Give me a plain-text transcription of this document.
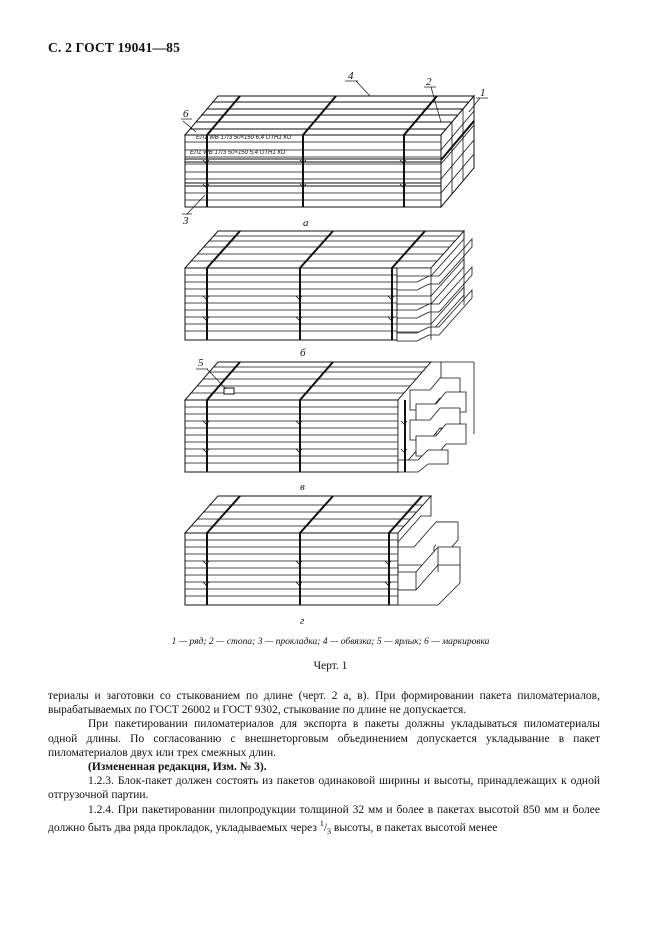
С. 2 ГОСТ 19041—85
ЕЛ1 WB 17/3 50×150 6,4 ОТН1 КU
ЕЛ1 WB 17/3 50×150 5,4 ОТН1 КU
а
б
в
г
6
4	2
1
3
5
1 — ряд; 2 — стопа; 3 — прокладка; 4 — обвязка; 5 — ярлык; 6 — маркировка
Черт. 1

териалы и заготовки со стыкованием по длине (черт. 2 а, в). При формировании пакета пиломатериалов, вырабатываемых по ГОСТ 26002 и ГОСТ 9302, стыкование по длине не допускается.

При пакетировании пиломатериалов для экспорта в пакеты должны укладываться пиломатериалы одной длины. По согласованию с внешнеторговым объединением допускается укладывание в пакет пиломатериалов двух или трех смежных длин.

(Измененная редакция, Изм. № 3).

1.2.3. Блок-пакет должен состоять из пакетов одинаковой ширины и высоты, принадлежащих к одной отгрузочной партии.

1.2.4. При пакетировании пилопродукции толщиной 32 мм и более в пакетах высотой 850 мм и более должно быть два ряда прокладок, укладываемых через $^1/_3$ высоты, в пакетах высотой менее
